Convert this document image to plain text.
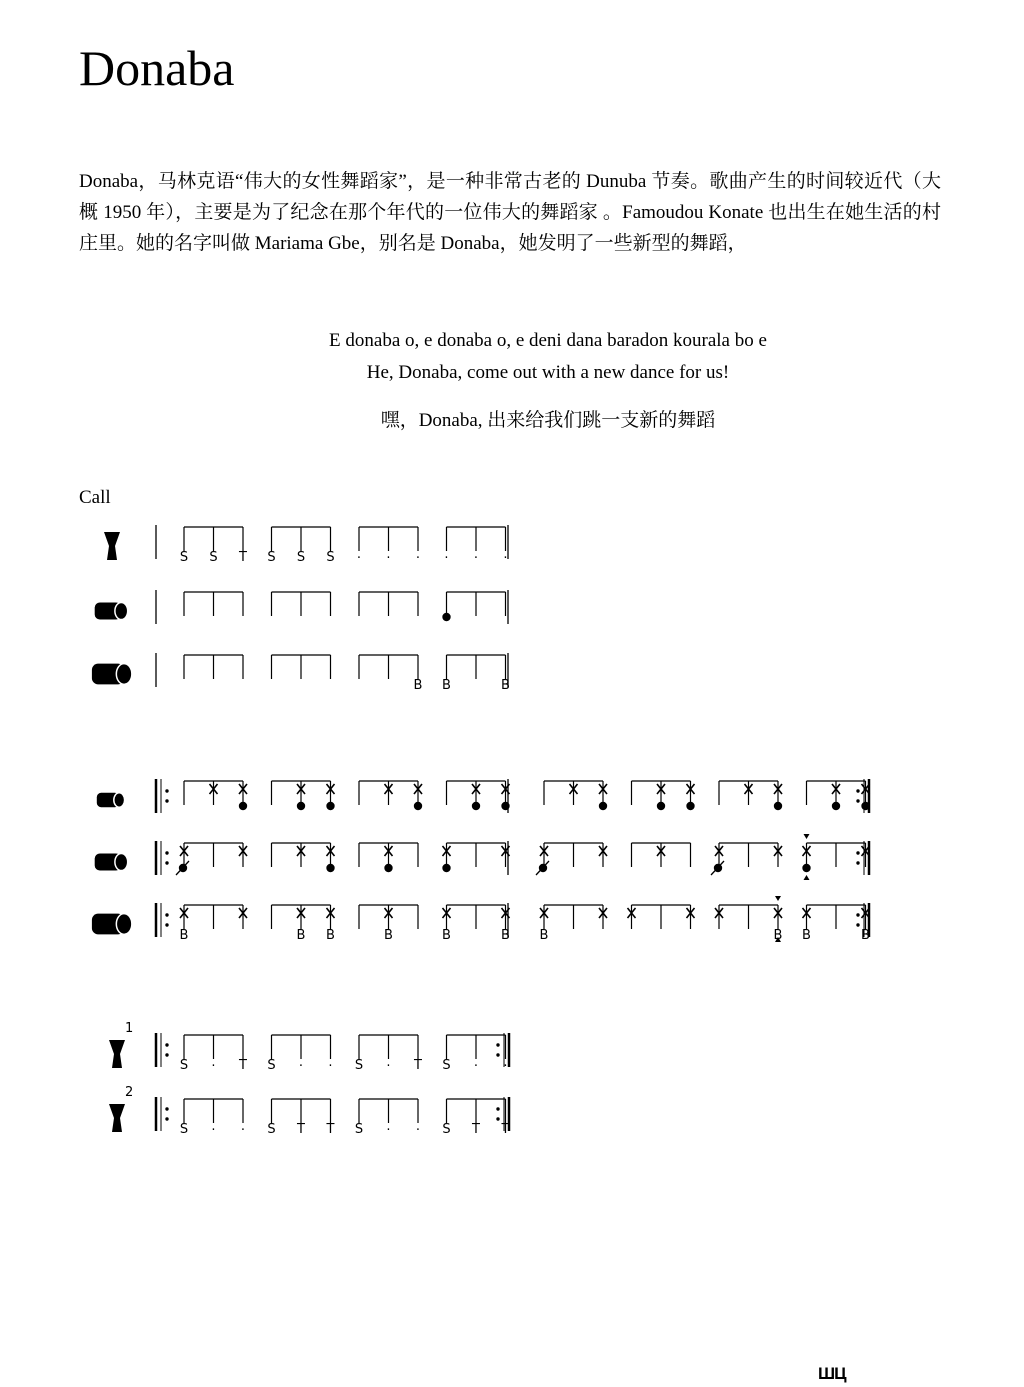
Donaba
Donaba，马林克语“伟大的女性舞蹈家”，是一种非常古老的 Dunuba 节奏。歌曲产生的时间较近代（大概 1950 年），主要是为了纪念在那个年代的一位伟大的舞蹈家 。Famoudou Konate 也出生在她生活的村庄里。她的名字叫做 Mariama Gbe，别名是 Donaba，她发明了一些新型的舞蹈，
E donaba o, e donaba o, e deni dana baradon kourala bo e
He, Donaba, come out with a new dance for us!
嘿，Donaba, 出来给我们跳一支新的舞蹈
Call
S S T S S S · · · · · ·
B B	B
B	B B	B	B	B B	B B	B
1
S · T S · · S · T S · ·
2
S · · S T T S · · S T T
ШЦ
